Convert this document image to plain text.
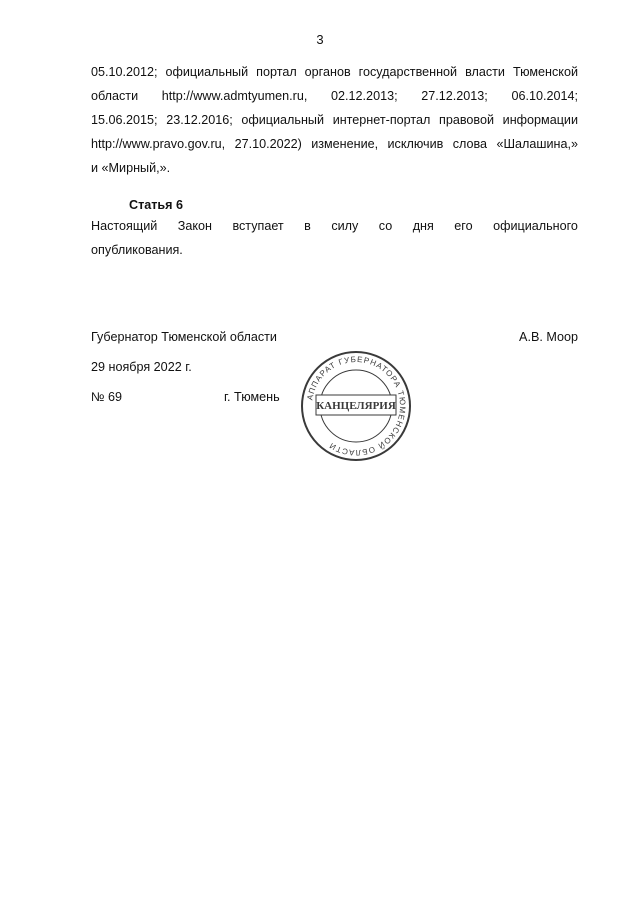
3
05.10.2012; официальный портал органов государственной власти Тюменской
области http://www.admtyumen.ru, 02.12.2013; 27.12.2013; 06.10.2014;
15.06.2015; 23.12.2016; официальный интернет-портал правовой информации
http://www.pravo.gov.ru, 27.10.2022) изменение, исключив слова «Шалашина,»
и «Мирный,».
Статья 6
Настоящий Закон вступает в силу со дня его официального
опубликования.
Губернатор Тюменской области	А.В. Моор
29 ноября 2022 г.
№ 69	г. Тюмень	АППАРАТ ГУБЕРНАТОРА ТЮМЕНСКОЙ ОБЛАСТИ
КАНЦЕЛЯРИЯ
